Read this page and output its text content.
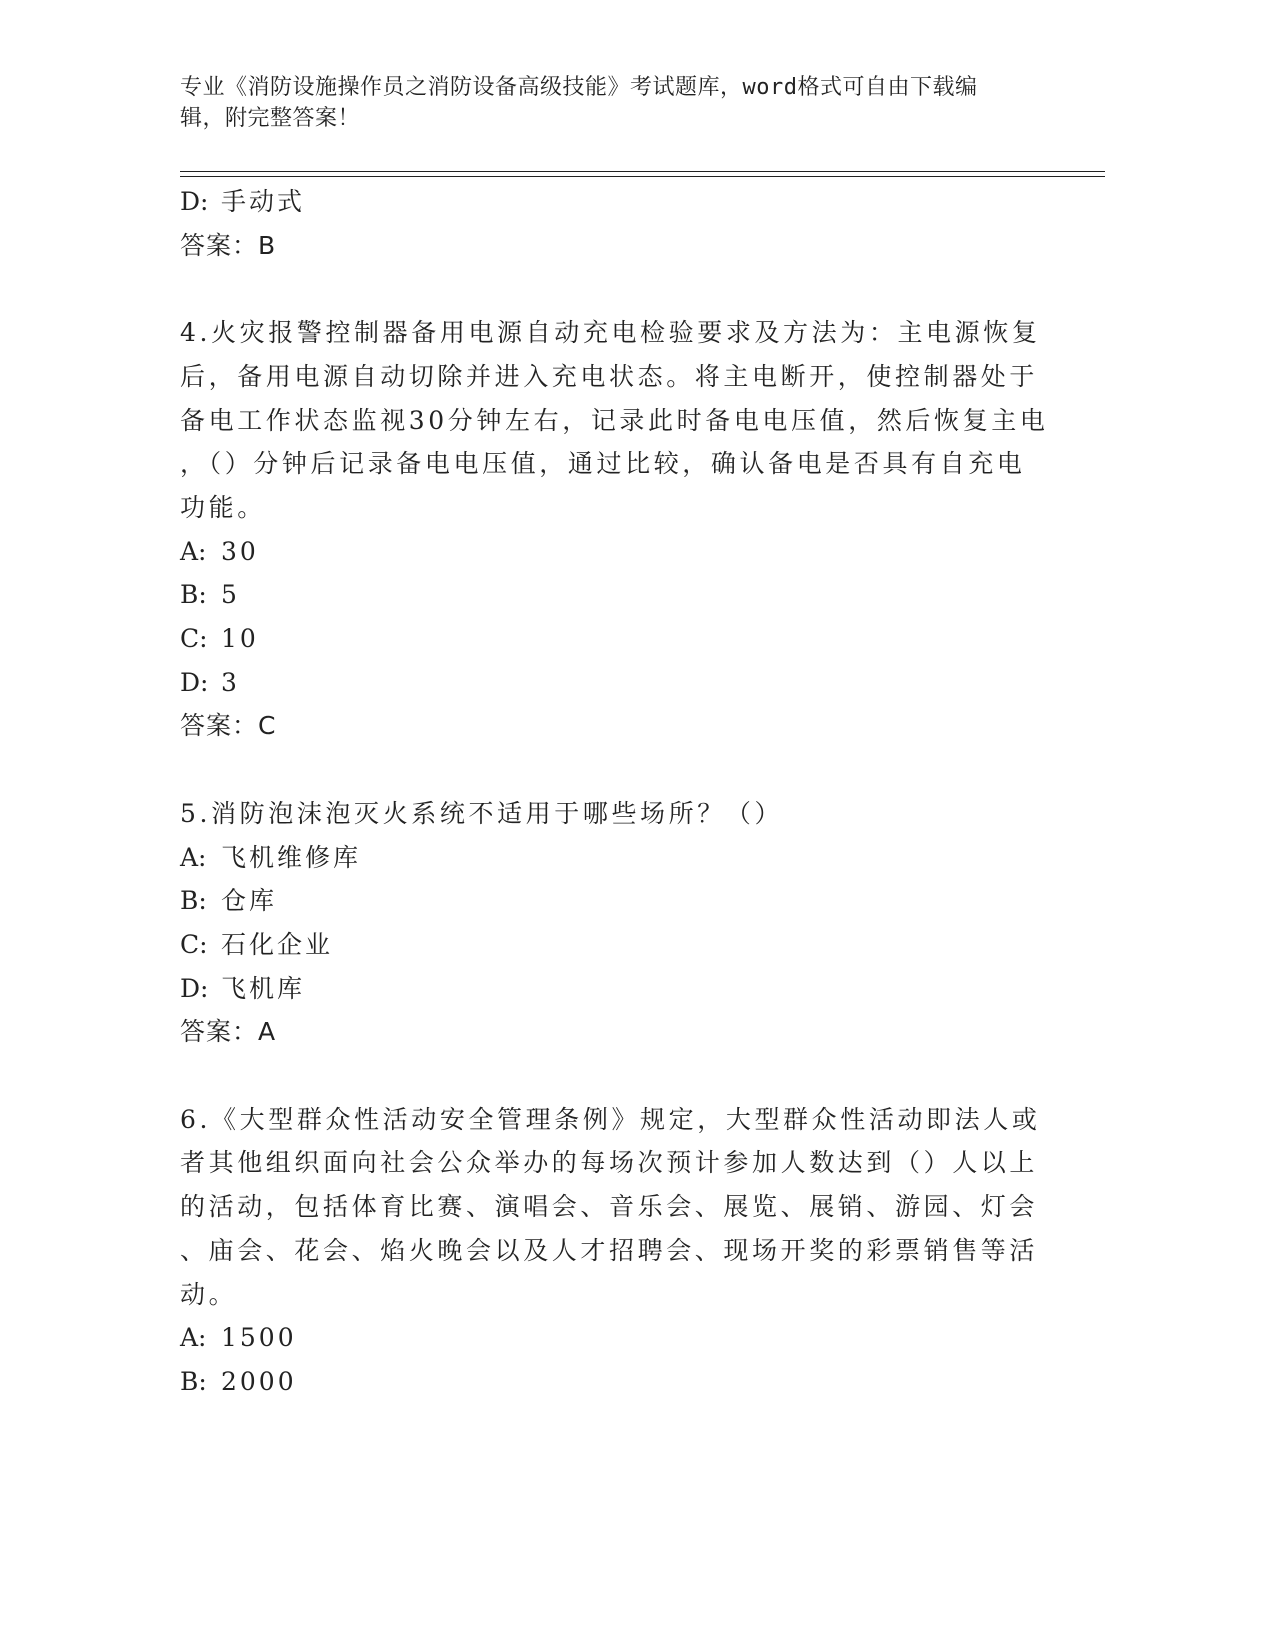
专业《消防设施操作员之消防设备高级技能》考试题库，word格式可自由下载编
辑，附完整答案！
D: 手动式
答案：B
4.火灾报警控制器备用电源自动充电检验要求及方法为：主电源恢复
后，备用电源自动切除并进入充电状态。将主电断开，使控制器处于
备电工作状态监视30分钟左右，记录此时备电电压值，然后恢复主电
，（）分钟后记录备电电压值，通过比较，确认备电是否具有自充电
功能。
A: 30
B: 5
C: 10
D: 3
答案：C
5.消防泡沫泡灭火系统不适用于哪些场所？（）
A: 飞机维修库
B: 仓库
C: 石化企业
D: 飞机库
答案：A
6.《大型群众性活动安全管理条例》规定，大型群众性活动即法人或
者其他组织面向社会公众举办的每场次预计参加人数达到（）人以上
的活动，包括体育比赛、演唱会、音乐会、展览、展销、游园、灯会
、庙会、花会、焰火晚会以及人才招聘会、现场开奖的彩票销售等活
动。
A: 1500
B: 2000
